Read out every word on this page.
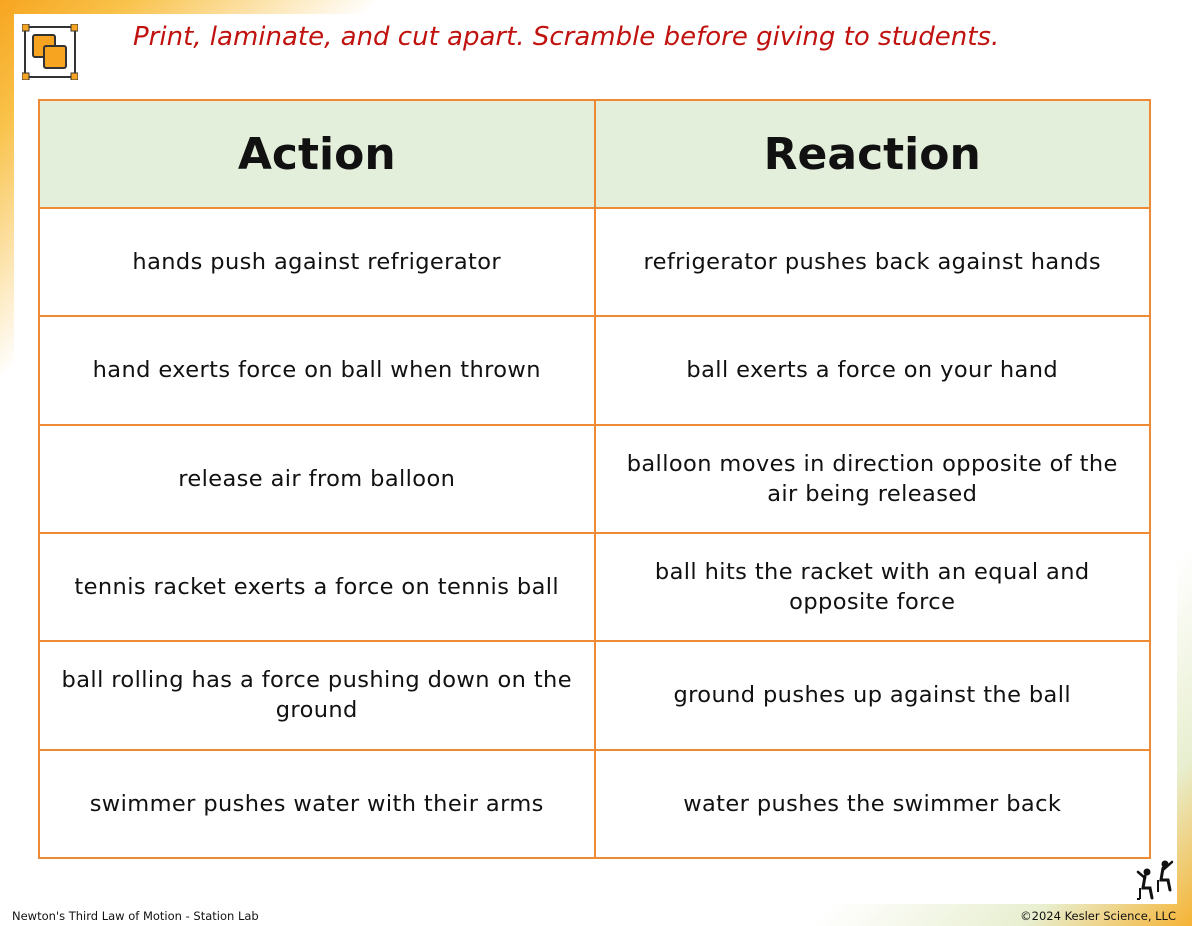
Print, laminate, and cut apart. Scramble before giving to students.
Action	Reaction
hands push against refrigerator	refrigerator pushes back against hands
hand exerts force on ball when thrown	ball exerts a force on your hand
release air from balloon	balloon moves in direction opposite of the air being released
tennis racket exerts a force on tennis ball	ball hits the racket with an equal and opposite force
ball rolling has a force pushing down on the ground	ground pushes up against the ball
swimmer pushes water with their arms	water pushes the swimmer back
Newton's Third Law of Motion - Station Lab	©2024 Kesler Science, LLC
